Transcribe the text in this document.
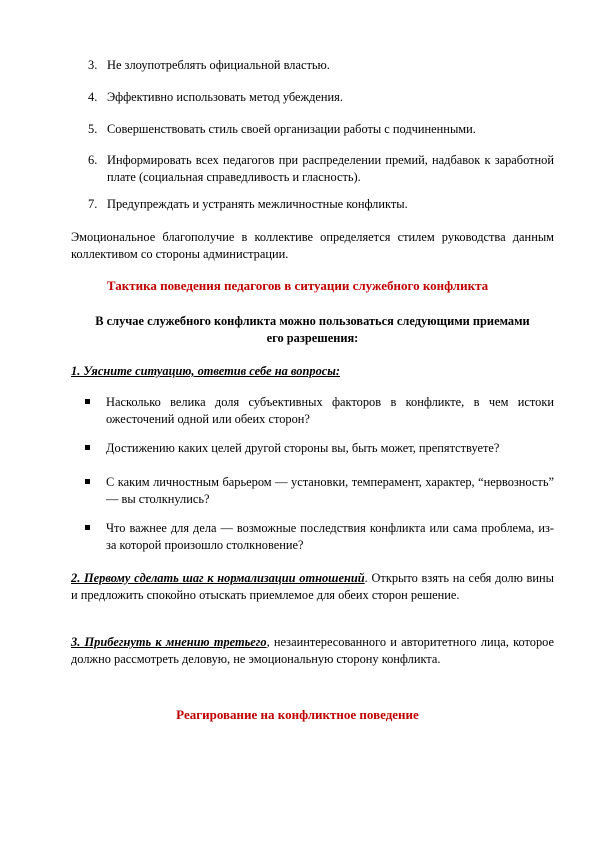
3. Не злоупотреблять официальной властью.
4. Эффективно использовать метод убеждения.
5. Совершенствовать стиль своей организации работы с подчиненными.
6. Информировать всех педагогов при распределении премий, надбавок к заработной плате (социальная справедливость и гласность).
7. Предупреждать и устранять межличностные конфликты.
Эмоциональное благополучие в коллективе определяется стилем руководства данным коллективом со стороны администрации.
Тактика поведения педагогов в ситуации служебного конфликта
В случае служебного конфликта можно пользоваться следующими приемами его разрешения:
1. Уясните ситуацию, ответив себе на вопросы:
Насколько велика доля субъективных факторов в конфликте, в чем истоки ожесточений одной или обеих сторон?
Достижению каких целей другой стороны вы, быть может, препятствуете?
С каким личностным барьером — установки, темперамент, характер, “нервозность” — вы столкнулись?
Что важнее для дела — возможные последствия конфликта или сама проблема, из-за которой произошло столкновение?
2. Первому сделать шаг к нормализации отношений. Открыто взять на себя долю вины и предложить спокойно отыскать приемлемое для обеих сторон решение.
3. Прибегнуть к мнению третьего, незаинтересованного и авторитетного лица, которое должно рассмотреть деловую, не эмоциональную сторону конфликта.
Реагирование на конфликтное поведение
